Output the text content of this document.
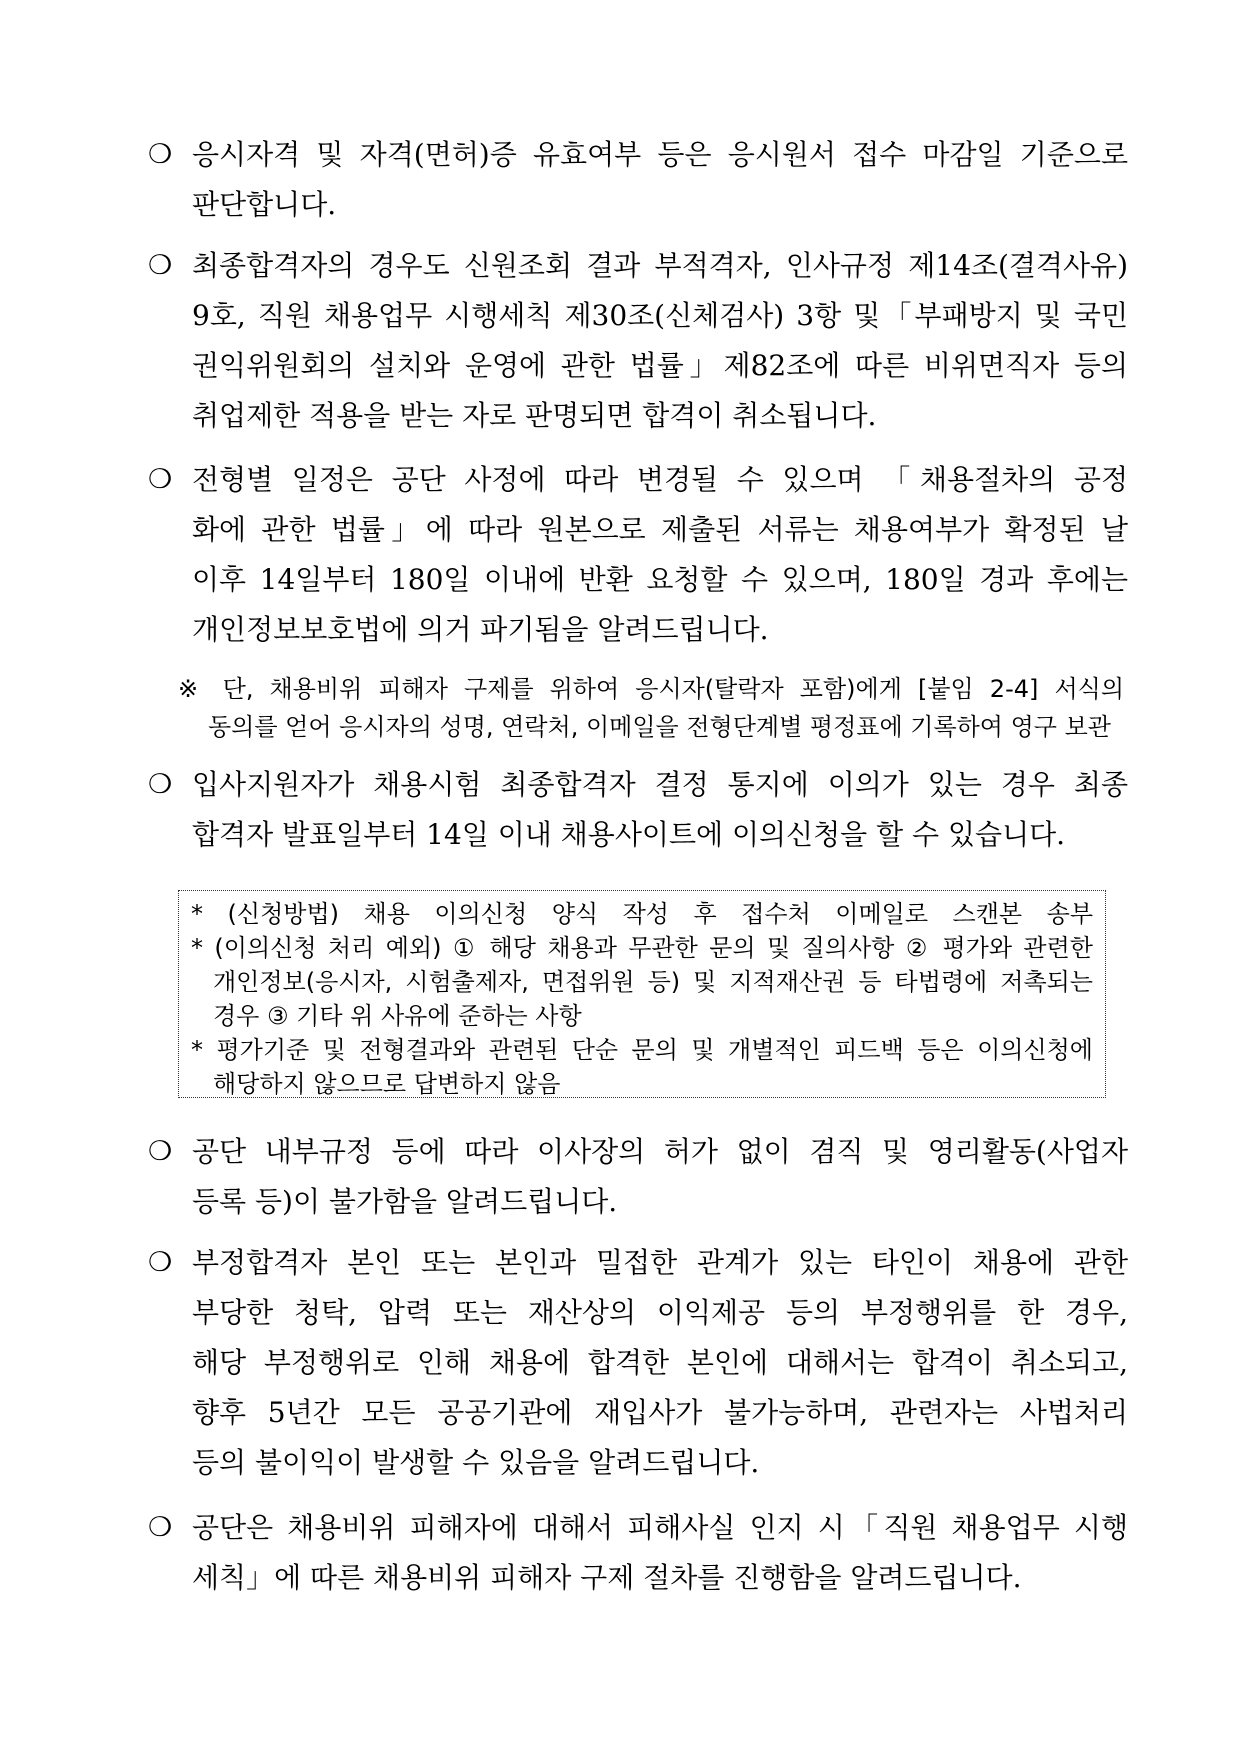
❍ 응시자격 및 자격(면허)증 유효여부 등은 응시원서 접수 마감일 기준으로
판단합니다.
❍ 최종합격자의 경우도 신원조회 결과 부적격자, 인사규정 제14조(결격사유)
9호, 직원 채용업무 시행세칙 제30조(신체검사) 3항 및「부패방지 및 국민
권익위원회의 설치와 운영에 관한 법률」제82조에 따른 비위면직자 등의
취업제한 적용을 받는 자로 판명되면 합격이 취소됩니다.
❍ 전형별 일정은 공단 사정에 따라 변경될 수 있으며 「채용절차의 공정
화에 관한 법률」에 따라 원본으로 제출된 서류는 채용여부가 확정된 날
이후 14일부터 180일 이내에 반환 요청할 수 있으며, 180일 경과 후에는
개인정보보호법에 의거 파기됨을 알려드립니다.
※ 단, 채용비위 피해자 구제를 위하여 응시자(탈락자 포함)에게 [붙임 2-4] 서식의
동의를 얻어 응시자의 성명, 연락처, 이메일을 전형단계별 평정표에 기록하여 영구 보관
❍ 입사지원자가 채용시험 최종합격자 결정 통지에 이의가 있는 경우 최종
합격자 발표일부터 14일 이내 채용사이트에 이의신청을 할 수 있습니다.
* (신청방법) 채용 이의신청 양식 작성 후 접수처 이메일로 스캔본 송부
* (이의신청 처리 예외) ① 해당 채용과 무관한 문의 및 질의사항 ② 평가와 관련한
개인정보(응시자, 시험출제자, 면접위원 등) 및 지적재산권 등 타법령에 저촉되는
경우 ③ 기타 위 사유에 준하는 사항
* 평가기준 및 전형결과와 관련된 단순 문의 및 개별적인 피드백 등은 이의신청에
해당하지 않으므로 답변하지 않음
❍ 공단 내부규정 등에 따라 이사장의 허가 없이 겸직 및 영리활동(사업자
등록 등)이 불가함을 알려드립니다.
❍ 부정합격자 본인 또는 본인과 밀접한 관계가 있는 타인이 채용에 관한
부당한 청탁, 압력 또는 재산상의 이익제공 등의 부정행위를 한 경우,
해당 부정행위로 인해 채용에 합격한 본인에 대해서는 합격이 취소되고,
향후 5년간 모든 공공기관에 재입사가 불가능하며, 관련자는 사법처리
등의 불이익이 발생할 수 있음을 알려드립니다.
❍ 공단은 채용비위 피해자에 대해서 피해사실 인지 시「직원 채용업무 시행
세칙」에 따른 채용비위 피해자 구제 절차를 진행함을 알려드립니다.
